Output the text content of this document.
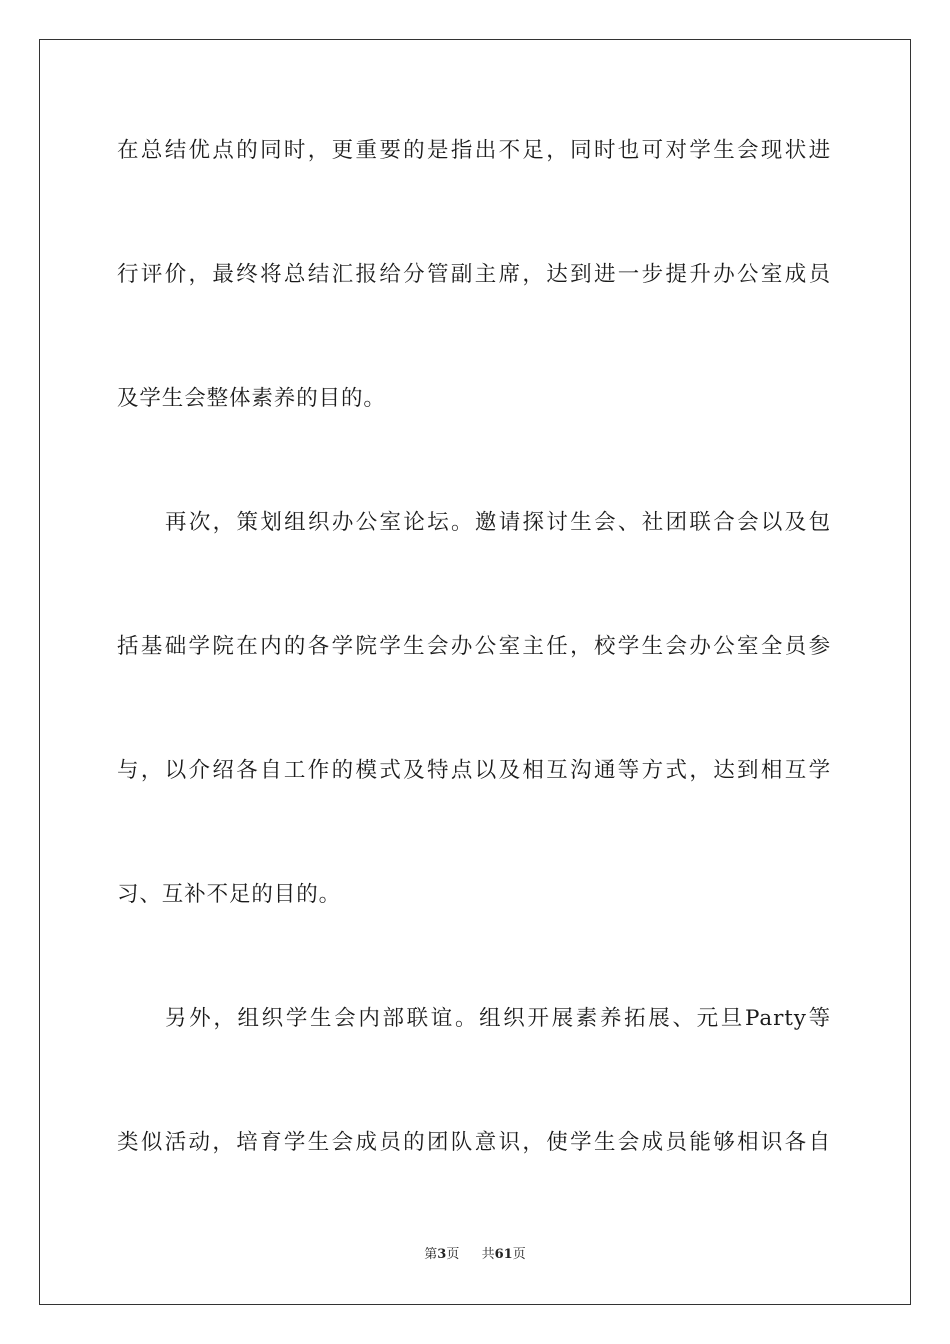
在总结优点的同时，更重要的是指出不足，同时也可对学生会现状进
行评价，最终将总结汇报给分管副主席，达到进一步提升办公室成员
及学生会整体素养的目的。
再次，策划组织办公室论坛。邀请探讨生会、社团联合会以及包
括基础学院在内的各学院学生会办公室主任，校学生会办公室全员参
与，以介绍各自工作的模式及特点以及相互沟通等方式，达到相互学
习、互补不足的目的。
另外，组织学生会内部联谊。组织开展素养拓展、元旦Party等
类似活动，培育学生会成员的团队意识，使学生会成员能够相识各自
第3页 共61页
